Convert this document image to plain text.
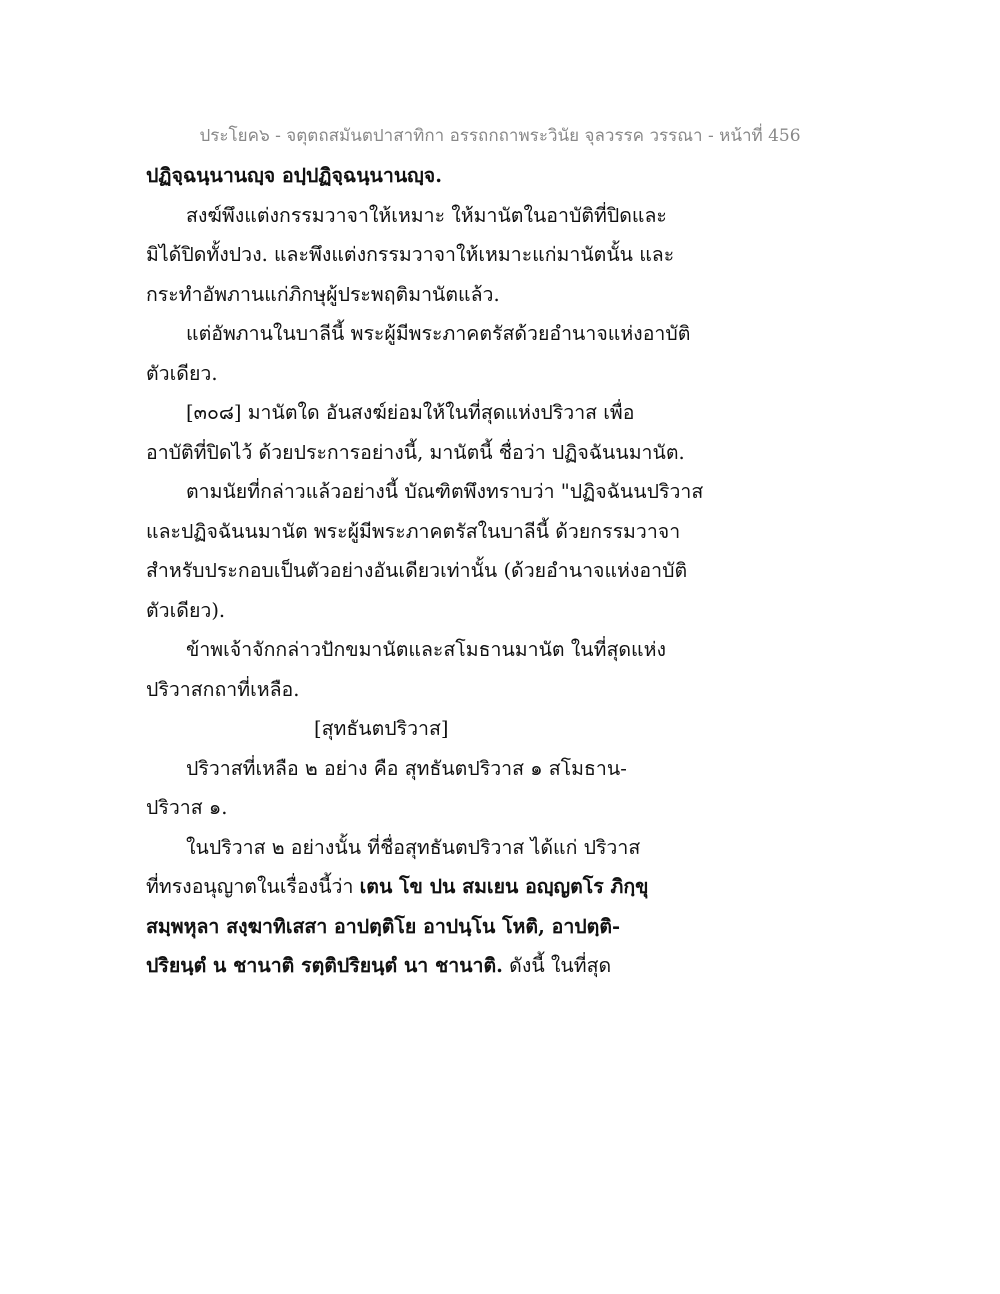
ประโยค๖ - จตุตถสมันตปาสาทิกา อรรถกถาพระวินัย จุลวรรค วรรณา - หน้าที่ 456
ปฏิจฺฉนฺนานญฺจ อปฺปฏิจฺฉนฺนานญฺจ.
สงฆ์พึงแต่งกรรมวาจาให้เหมาะ ให้มานัตในอาบัติที่ปิดและ
มิได้ปิดทั้งปวง. และพึงแต่งกรรมวาจาให้เหมาะแก่มานัตนั้น และ
กระทำอัพภานแก่ภิกษุผู้ประพฤติมานัตแล้ว.
แต่อัพภานในบาลีนี้ พระผู้มีพระภาคตรัสด้วยอำนาจแห่งอาบัติ
ตัวเดียว.
[๓๐๘] มานัตใด อันสงฆ์ย่อมให้ในที่สุดแห่งปริวาส เพื่อ
อาบัติที่ปิดไว้ ด้วยประการอย่างนี้, มานัตนี้ ชื่อว่า ปฏิจฉันนมานัต.
ตามนัยที่กล่าวแล้วอย่างนี้ บัณฑิตพึงทราบว่า "ปฏิจฉันนปริวาส
และปฏิจฉันนมานัต พระผู้มีพระภาคตรัสในบาลีนี้ ด้วยกรรมวาจา
สำหรับประกอบเป็นตัวอย่างอันเดียวเท่านั้น (ด้วยอำนาจแห่งอาบัติ
ตัวเดียว).
ข้าพเจ้าจักกล่าวปักขมานัตและสโมธานมานัต ในที่สุดแห่ง
ปริวาสกถาที่เหลือ.
[สุทธันตปริวาส]
ปริวาสที่เหลือ ๒ อย่าง คือ สุทธันตปริวาส ๑ สโมธาน-
ปริวาส ๑.
ในปริวาส ๒ อย่างนั้น ที่ชื่อสุทธันตปริวาส ได้แก่ ปริวาส
ที่ทรงอนุญาตในเรื่องนี้ว่า เตน โข ปน สมเยน อญฺญตโร ภิกฺขุ
สมฺพหุลา สงฺฆาทิเสสา อาปตฺติโย อาปนฺโน โหติ, อาปตฺติ-
ปริยนฺตํ น ชานาติ รตฺติปริยนฺตํ นา ชานาติ. ดังนี้ ในที่สุด
